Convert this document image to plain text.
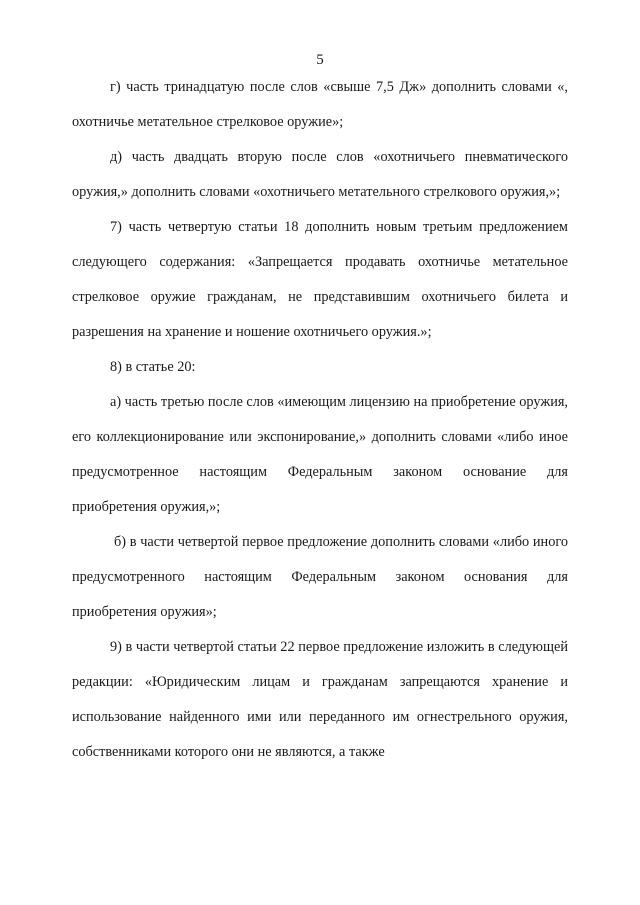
5

г) часть тринадцатую после слов «свыше 7,5 Дж» дополнить словами «, охотничье метательное стрелковое оружие»;

д) часть двадцать вторую после слов «охотничьего пневматического оружия,» дополнить словами «охотничьего метательного стрелкового оружия,»;

7) часть четвертую статьи 18 дополнить новым третьим предложением следующего содержания: «Запрещается продавать охотничье метательное стрелковое оружие гражданам, не представившим охотничьего билета и разрешения на хранение и ношение охотничьего оружия.»;

8) в статье 20:

а) часть третью после слов «имеющим лицензию на приобретение оружия, его коллекционирование или экспонирование,» дополнить словами «либо иное предусмотренное настоящим Федеральным законом основание для приобретения оружия,»;

б) в части четвертой первое предложение дополнить словами «либо иного предусмотренного настоящим Федеральным законом основания для приобретения оружия»;

9) в части четвертой статьи 22 первое предложение изложить в следующей редакции: «Юридическим лицам и гражданам запрещаются хранение и использование найденного ими или переданного им огнестрельного оружия, собственниками которого они не являются, а также
